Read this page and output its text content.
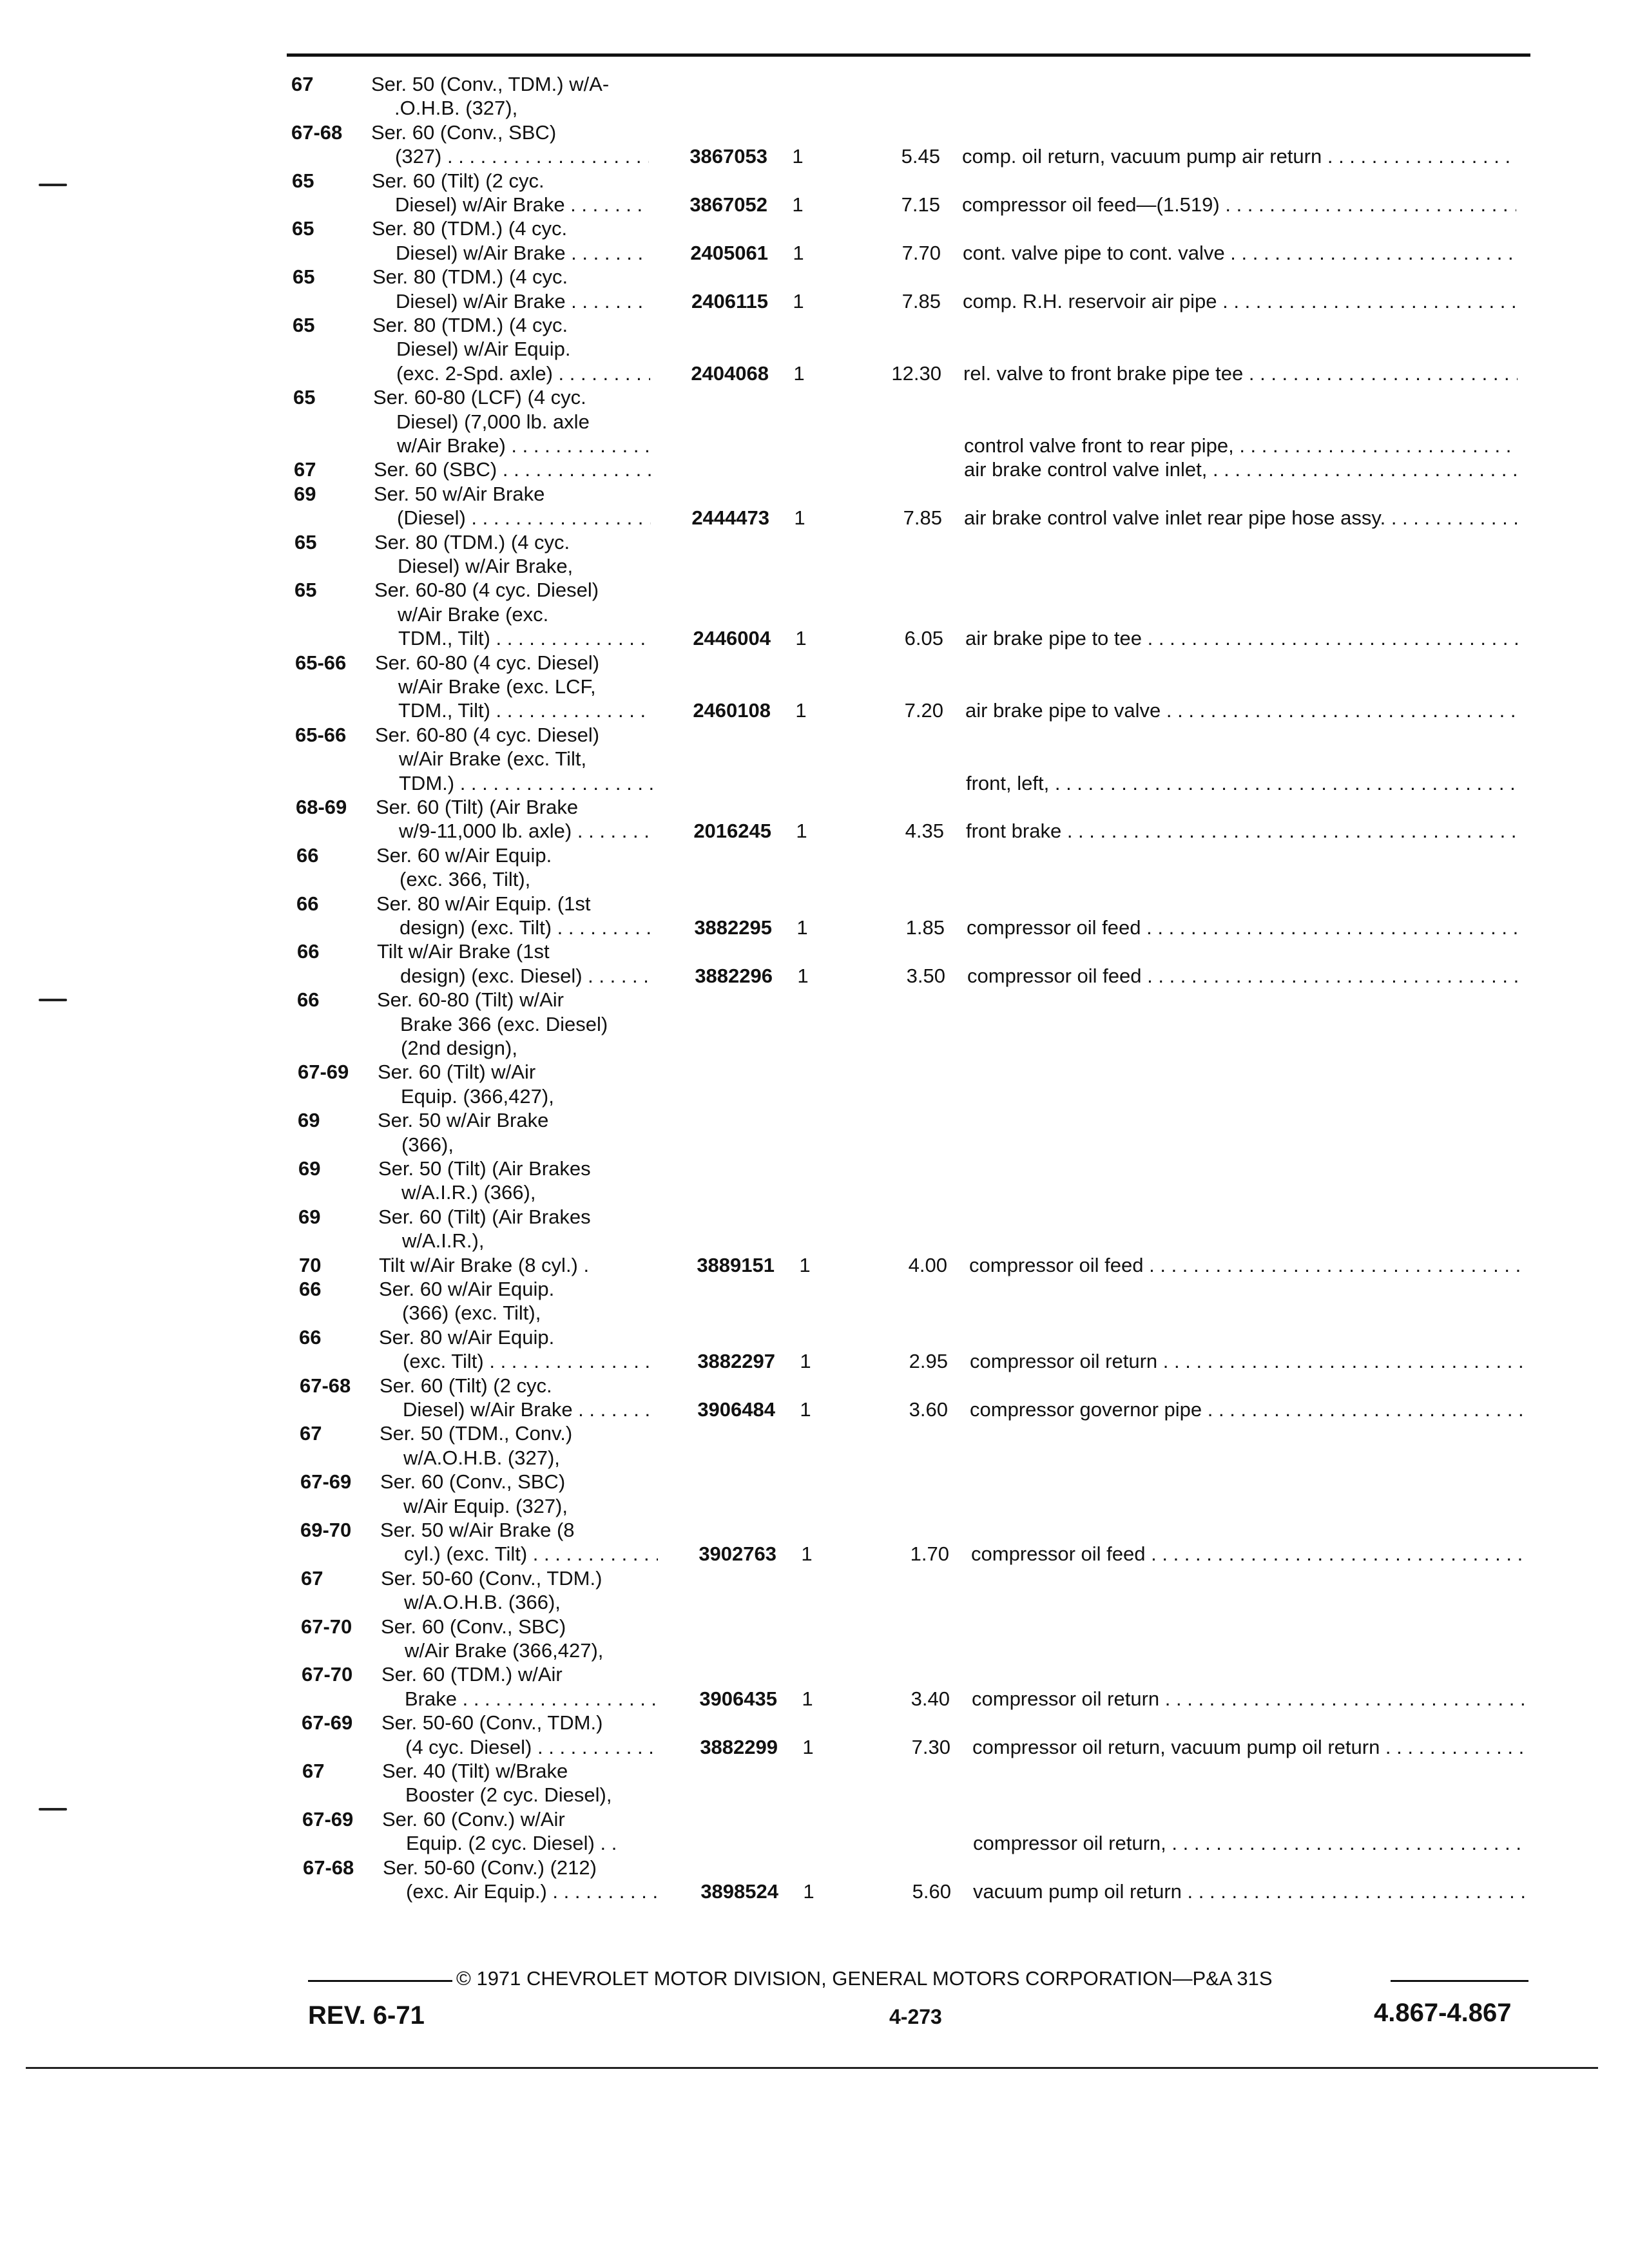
67	Ser. 50 (Conv., TDM.) w/A-
.O.H.B. (327),
67-68 Ser. 60 (Conv., SBC)
(327) . . .	3867053 1	5.45 comp. oil return, vacuum pump air return . . .
65	Ser. 60 (Tilt) (2 cyc.
Diesel) w/Air Brake . . .	3867052 1	7.15 compressor oil feed—(1.519) . . .
65	Ser. 80 (TDM.) (4 cyc.
Diesel) w/Air Brake . . .	2405061 1	7.70 cont. valve pipe to cont. valve . . .
65	Ser. 80 (TDM.) (4 cyc.
Diesel) w/Air Brake . . .	2406115 1	7.85 comp. R.H. reservoir air pipe . . .
65	Ser. 80 (TDM.) (4 cyc.
Diesel) w/Air Equip.
(exc. 2-Spd. axle) . . .	2404068 1	12.30 rel. valve to front brake pipe tee . . .
65	Ser. 60-80 (LCF) (4 cyc.
Diesel) (7,000 lb. axle
w/Air Brake) . . .	control valve front to rear pipe, . . .
67	Ser. 60 (SBC) . . .	air brake control valve inlet, . . .
69	Ser. 50 w/Air Brake
(Diesel) . . .	2444473 1	7.85 air brake control valve inlet rear pipe hose assy. . . .
65	Ser. 80 (TDM.) (4 cyc.
Diesel) w/Air Brake,
65	Ser. 60-80 (4 cyc. Diesel)
w/Air Brake (exc.
TDM., Tilt) . . .	2446004 1	6.05 air brake pipe to tee . . .
65-66 Ser. 60-80 (4 cyc. Diesel)
w/Air Brake (exc. LCF,
TDM., Tilt) . . .	2460108 1	7.20 air brake pipe to valve . . .
65-66 Ser. 60-80 (4 cyc. Diesel)
w/Air Brake (exc. Tilt,
TDM.) . . .	front, left, . . .
68-69 Ser. 60 (Tilt) (Air Brake
w/9-11,000 lb. axle) . . .	2016245 1	4.35 front brake . . .
66	Ser. 60 w/Air Equip.
(exc. 366, Tilt),
66	Ser. 80 w/Air Equip. (1st
design) (exc. Tilt) . . .	3882295 1	1.85 compressor oil feed . . .
66	Tilt w/Air Brake (1st
design) (exc. Diesel) . . .	3882296 1	3.50 compressor oil feed . . .
66	Ser. 60-80 (Tilt) w/Air
Brake 366 (exc. Diesel)
(2nd design),
67-69 Ser. 60 (Tilt) w/Air
Equip. (366,427),
69	Ser. 50 w/Air Brake
(366),
69	Ser. 50 (Tilt) (Air Brakes
w/A.I.R.) (366),
69	Ser. 60 (Tilt) (Air Brakes
w/A.I.R.),
70	Tilt w/Air Brake (8 cyl.) .	3889151 1	4.00 compressor oil feed . . .
66	Ser. 60 w/Air Equip.
(366) (exc. Tilt),
66	Ser. 80 w/Air Equip.
(exc. Tilt) . . .	3882297 1	2.95 compressor oil return . . .
67-68 Ser. 60 (Tilt) (2 cyc.
Diesel) w/Air Brake . . .	3906484 1	3.60 compressor governor pipe . . .
67	Ser. 50 (TDM., Conv.)
w/A.O.H.B. (327),
67-69 Ser. 60 (Conv., SBC)
w/Air Equip. (327),
69-70 Ser. 50 w/Air Brake (8
cyl.) (exc. Tilt) . . .	3902763 1	1.70 compressor oil feed . . .
67	Ser. 50-60 (Conv., TDM.)
w/A.O.H.B. (366),
67-70 Ser. 60 (Conv., SBC)
w/Air Brake (366,427),
67-70 Ser. 60 (TDM.) w/Air
Brake . . .	3906435 1	3.40 compressor oil return . . .
67-69 Ser. 50-60 (Conv., TDM.)
(4 cyc. Diesel) . . .	3882299 1	7.30 compressor oil return, vacuum pump oil return . . .
67	Ser. 40 (Tilt) w/Brake
Booster (2 cyc. Diesel),
67-69 Ser. 60 (Conv.) w/Air
Equip. (2 cyc. Diesel) . .	compressor oil return, . . .
67-68 Ser. 50-60 (Conv.) (212)
(exc. Air Equip.) . . .	3898524 1	5.60 vacuum pump oil return . . .
© 1971 CHEVROLET MOTOR DIVISION, GENERAL MOTORS CORPORATION—P&A 31S
REV. 6-71	4-273	4.867-4.867
